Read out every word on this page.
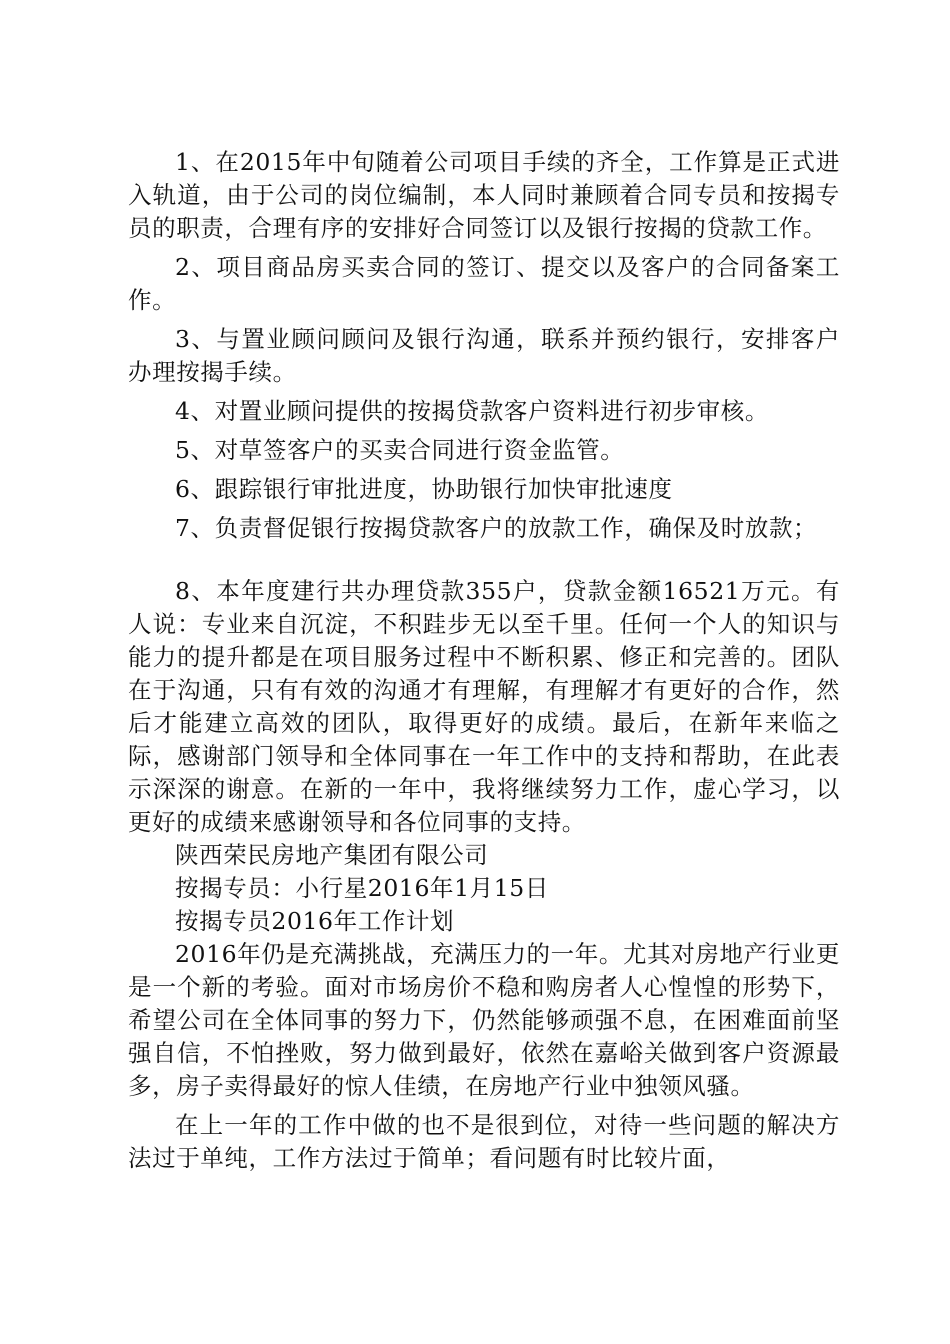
1、在2015年中旬随着公司项目手续的齐全，工作算是正式进入轨道，由于公司的岗位编制，本人同时兼顾着合同专员和按揭专员的职责，合理有序的安排好合同签订以及银行按揭的贷款工作。

2、项目商品房买卖合同的签订、提交以及客户的合同备案工作。

3、与置业顾问顾问及银行沟通，联系并预约银行，安排客户办理按揭手续。

4、对置业顾问提供的按揭贷款客户资料进行初步审核。

5、对草签客户的买卖合同进行资金监管。

6、跟踪银行审批进度，协助银行加快审批速度

7、负责督促银行按揭贷款客户的放款工作，确保及时放款；

8、本年度建行共办理贷款355户，贷款金额16521万元。有人说：专业来自沉淀，不积跬步无以至千里。任何一个人的知识与能力的提升都是在项目服务过程中不断积累、修正和完善的。团队在于沟通，只有有效的沟通才有理解，有理解才有更好的合作，然后才能建立高效的团队，取得更好的成绩。最后，在新年来临之际，感谢部门领导和全体同事在一年工作中的支持和帮助，在此表示深深的谢意。在新的一年中，我将继续努力工作，虚心学习，以更好的成绩来感谢领导和各位同事的支持。

陕西荣民房地产集团有限公司

按揭专员：小行星2016年1月15日

按揭专员2016年工作计划

2016年仍是充满挑战，充满压力的一年。尤其对房地产行业更是一个新的考验。面对市场房价不稳和购房者人心惶惶的形势下，希望公司在全体同事的努力下，仍然能够顽强不息，在困难面前坚强自信，不怕挫败，努力做到最好，依然在嘉峪关做到客户资源最多，房子卖得最好的惊人佳绩，在房地产行业中独领风骚。

在上一年的工作中做的也不是很到位，对待一些问题的解决方法过于单纯，工作方法过于简单；看问题有时比较片面，
